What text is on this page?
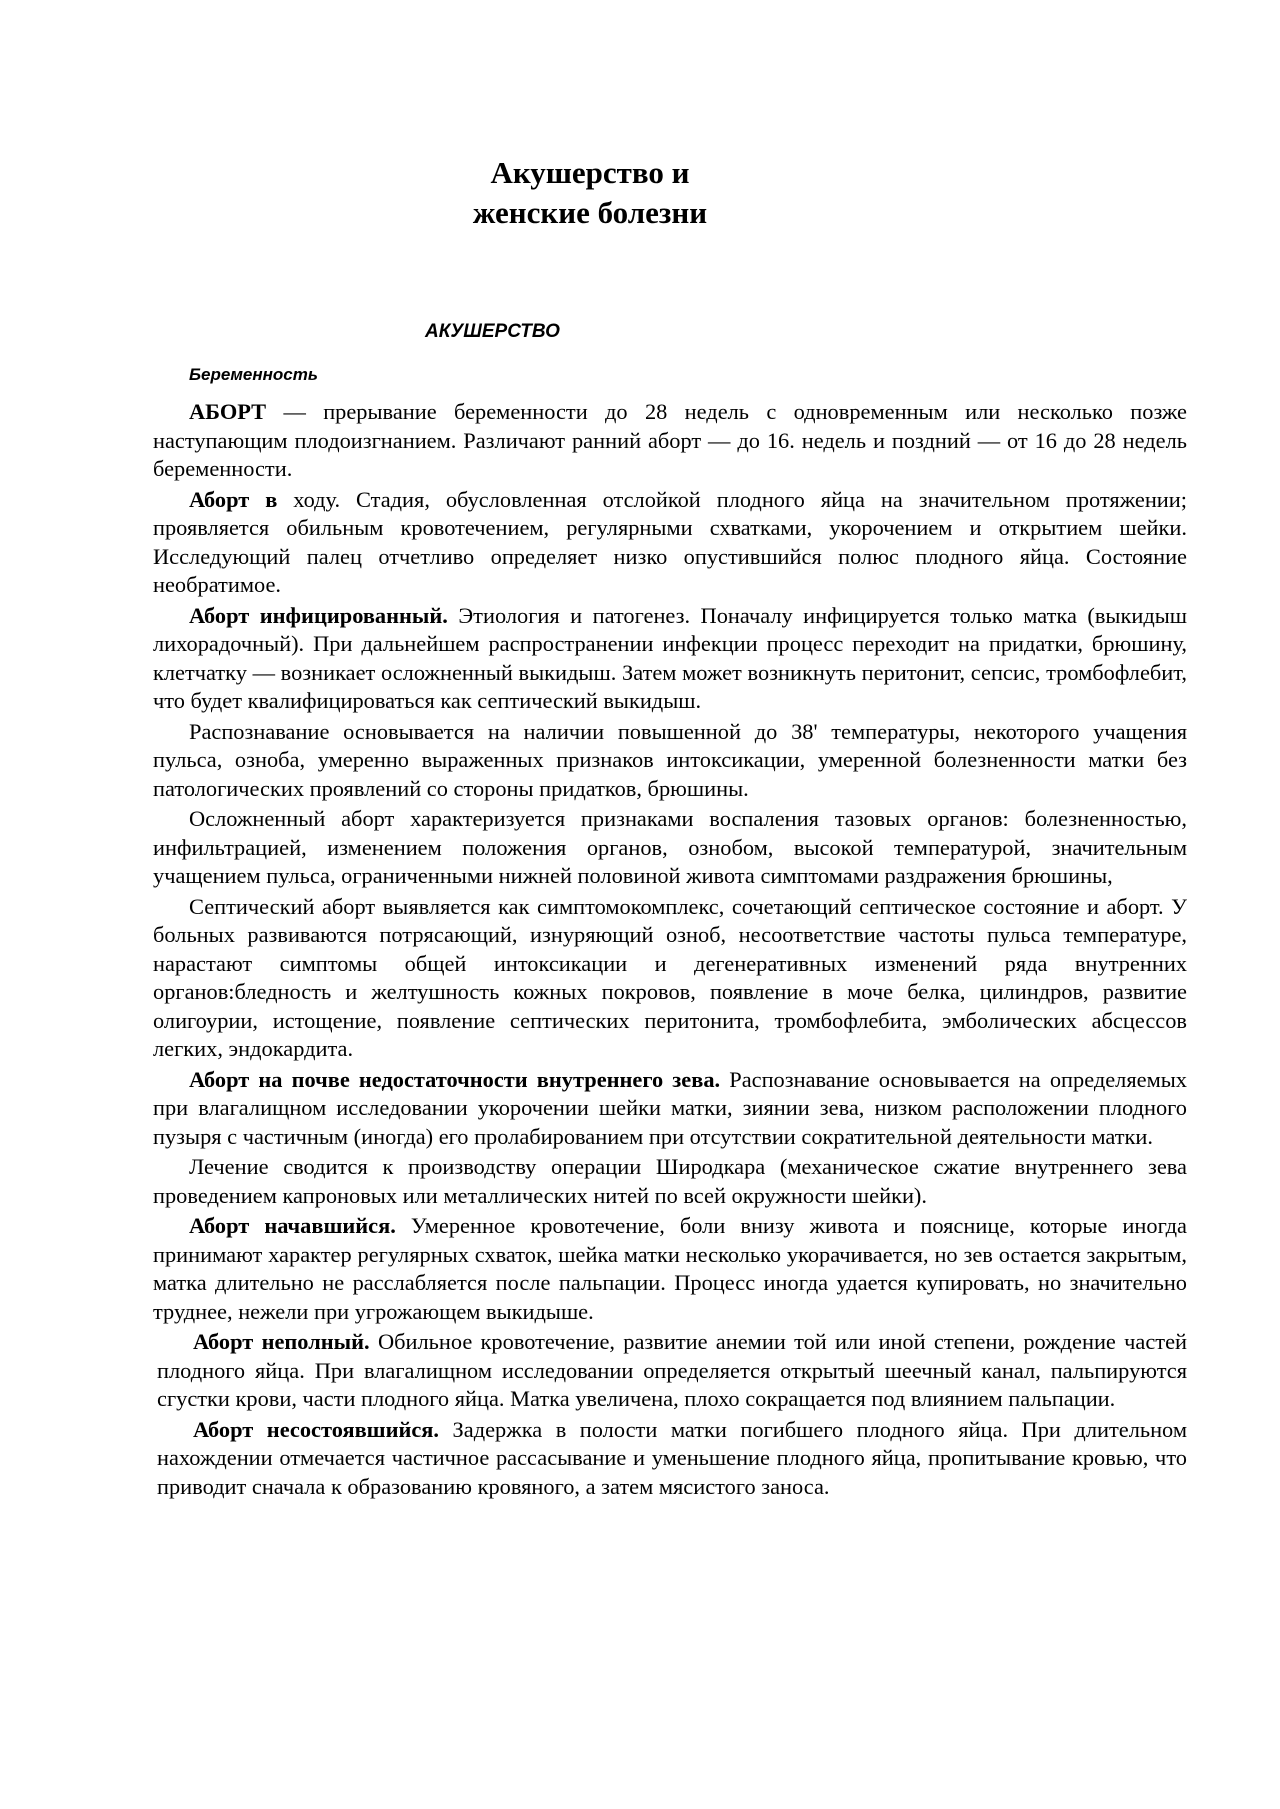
Акушерство и
женские болезни
АКУШЕРСТВО
Беременность

АБОРТ — прерывание беременности до 28 недель с одновременным или несколько позже наступающим плодоизгнанием. Различают ранний аборт — до 16. недель и поздний — от 16 до 28 недель беременности.

Аборт в ходу. Стадия, обусловленная отслойкой плодного яйца на значительном протяжении; проявляется обильным кровотечением, регулярными схватками, укорочением и открытием шейки. Исследующий палец отчетливо определяет низко опустившийся полюс плодного яйца. Состояние необратимое.

Аборт инфицированный. Этиология и патогенез. Поначалу инфицируется только матка (выкидыш лихорадочный). При дальнейшем распространении инфекции процесс переходит на придатки, брюшину, клетчатку — возникает осложненный выкидыш. Затем может возникнуть перитонит, сепсис, тромбофлебит, что будет квалифицироваться как септический выкидыш.

Распознавание основывается на наличии повышенной до 38' температуры, некоторого учащения пульса, озноба, умеренно выраженных признаков интоксикации, умеренной болезненности матки без патологических проявлений со стороны придатков, брюшины.

Осложненный аборт характеризуется признаками воспаления тазовых органов: болезненностью, инфильтрацией, изменением положения органов, ознобом, высокой температурой, значительным учащением пульса, ограниченными нижней половиной живота симптомами раздражения брюшины,

Септический аборт выявляется как симптомокомплекс, сочетающий септическое состояние и аборт. У больных развиваются потрясающий, изнуряющий озноб, несоответствие частоты пульса температуре, нарастают симптомы общей интоксикации и дегенеративных изменений ряда внутренних органов:бледность и желтушность кожных покровов, появление в моче белка, цилиндров, развитие олигоурии, истощение, появление септических перитонита, тромбофлебита, эмболических абсцессов легких, эндокардита.

Аборт на почве недостаточности внутреннего зева. Распознавание основывается на определяемых при влагалищном исследовании укорочении шейки матки, зиянии зева, низком расположении плодного пузыря с частичным (иногда) его пролабированием при отсутствии сократительной деятельности матки.

Лечение сводится к производству операции Широдкара (механическое сжатие внутреннего зева проведением капроновых или металлических нитей по всей окружности шейки).

Аборт начавшийся. Умеренное кровотечение, боли внизу живота и пояснице, которые иногда принимают характер регулярных схваток, шейка матки несколько укорачивается, но зев остается закрытым, матка длительно не расслабляется после пальпации. Процесс иногда удается купировать, но значительно труднее, нежели при угрожающем выкидыше.

Аборт неполный. Обильное кровотечение, развитие анемии той или иной степени, рождение частей плодного яйца. При влагалищном исследовании определяется открытый шеечный канал, пальпируются сгустки крови, части плодного яйца. Матка увеличена, плохо сокращается под влиянием пальпации.

Аборт несостоявшийся. Задержка в полости матки погибшего плодного яйца. При длительном нахождении отмечается частичное рассасывание и уменьшение плодного яйца, пропитывание кровью, что приводит сначала к образованию кровяного, а затем мясистого заноса.
